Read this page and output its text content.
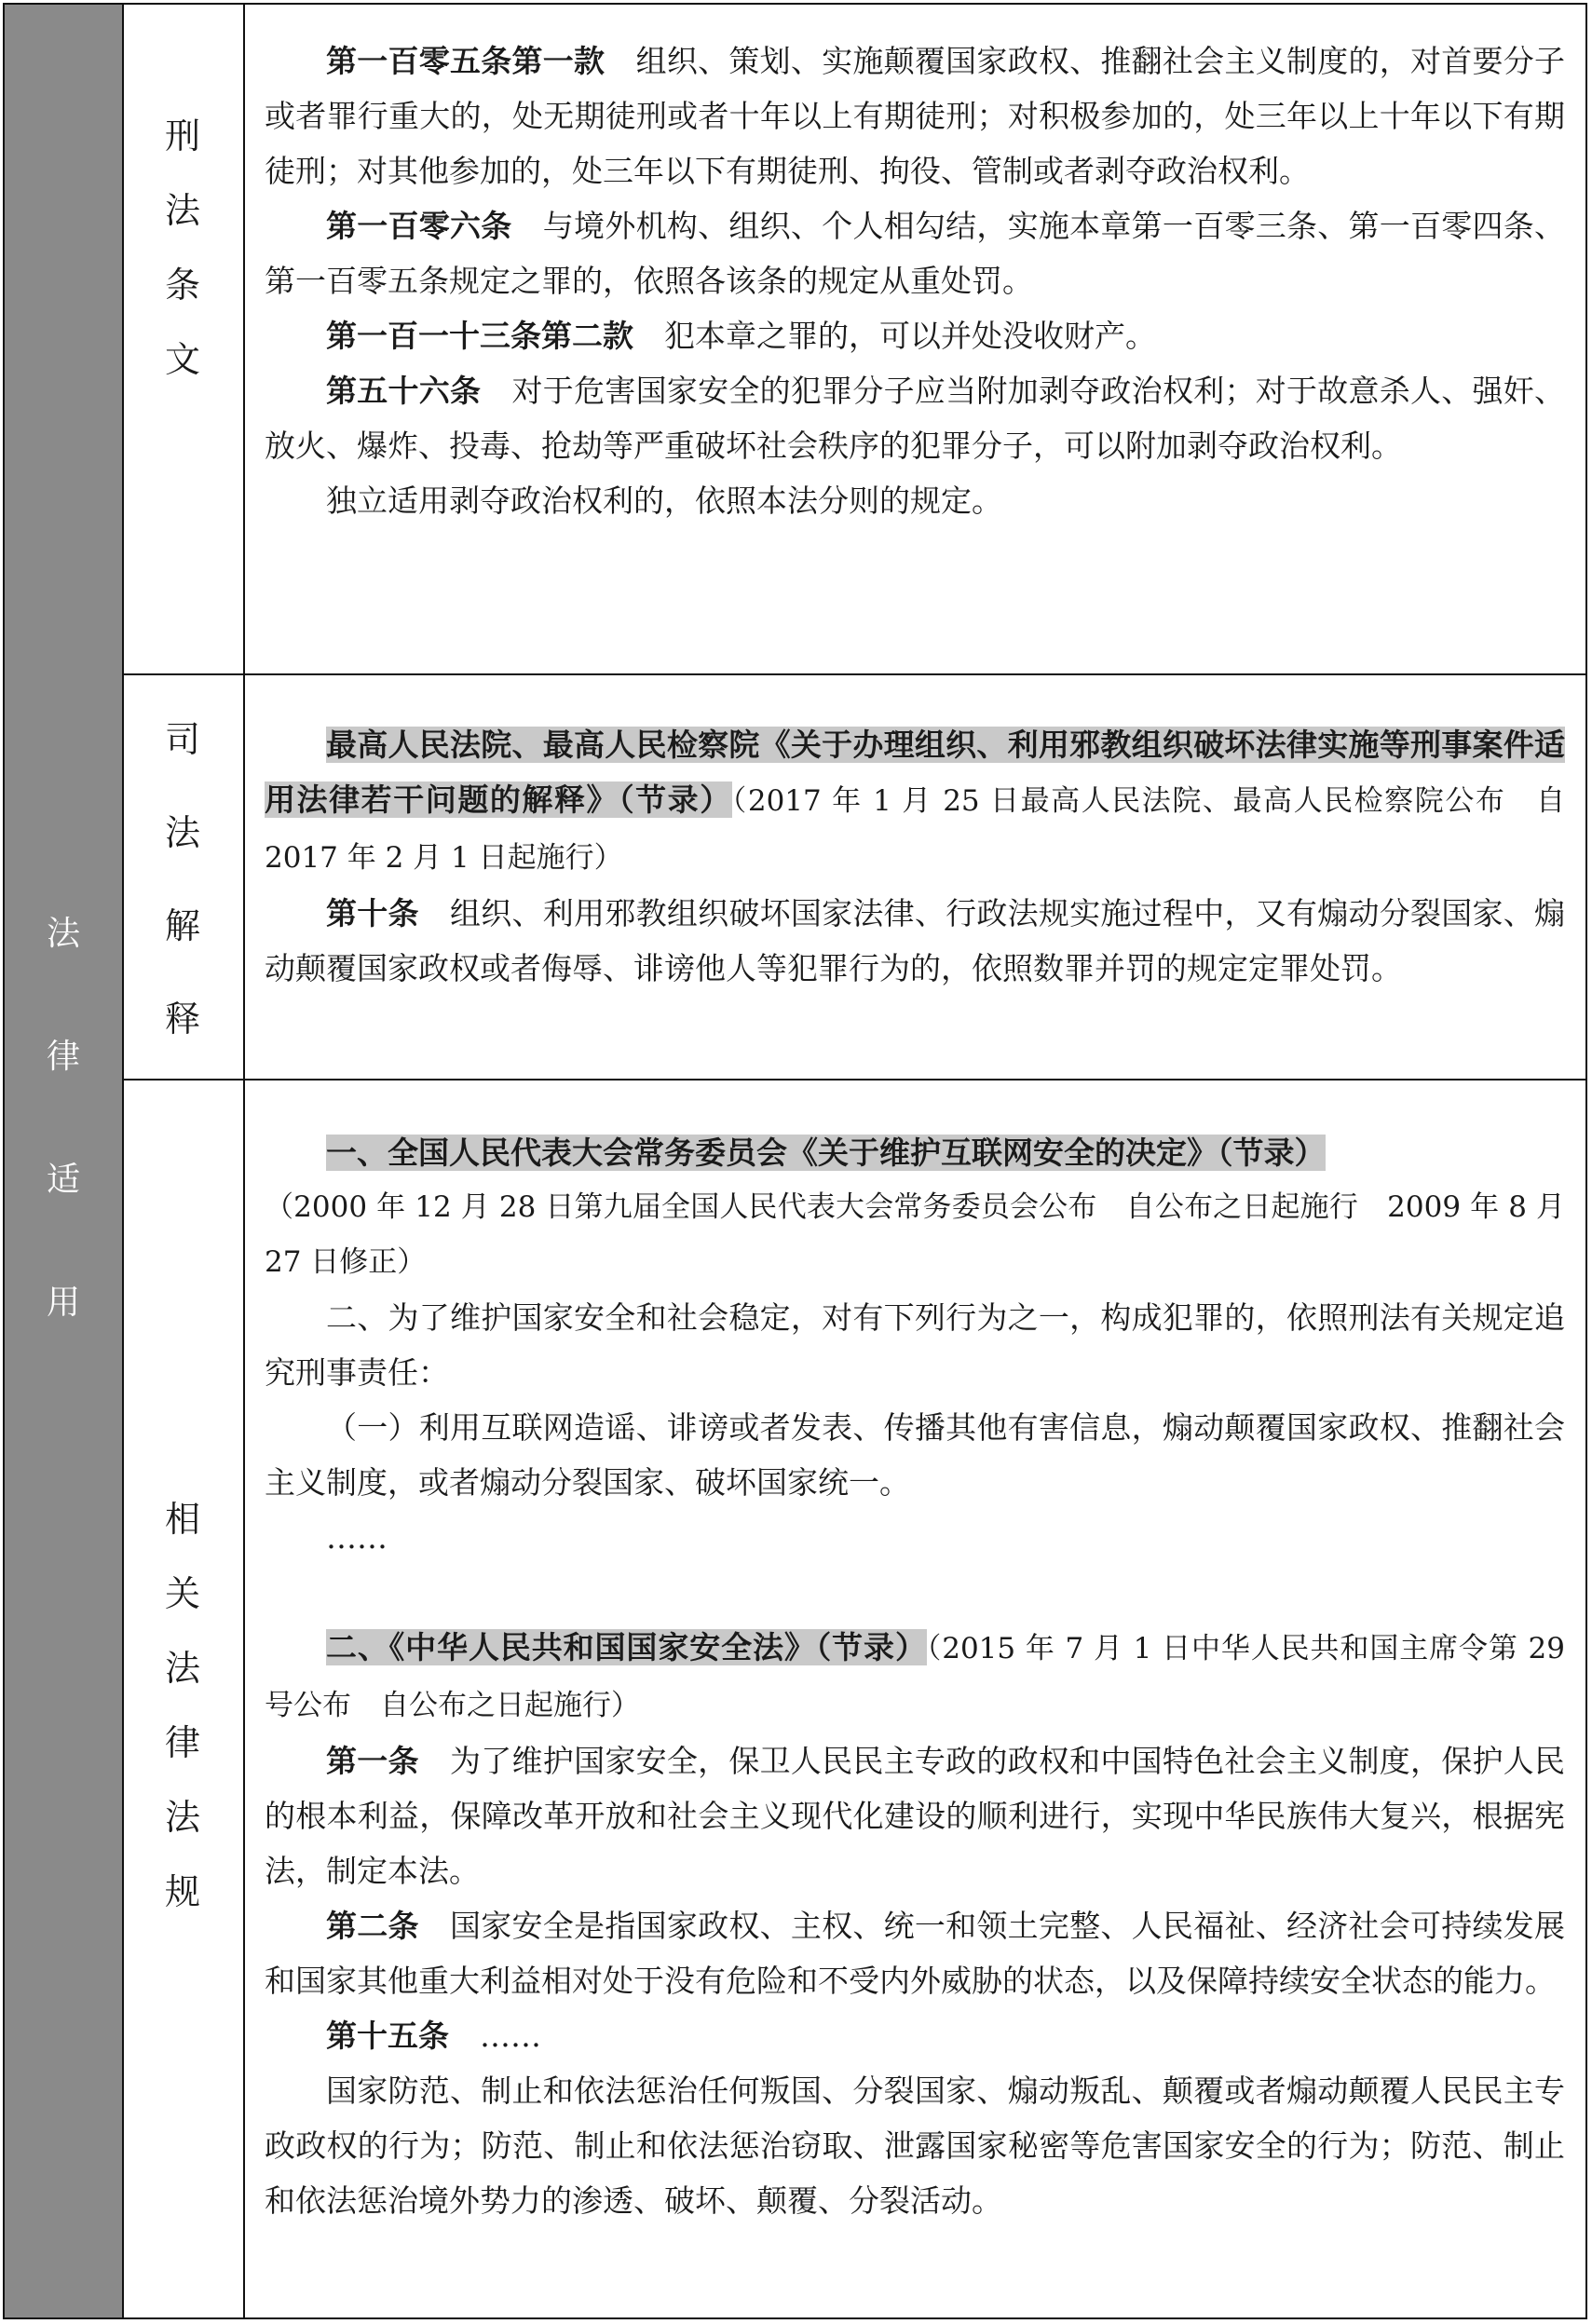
法
律
适
用
刑
法
条
文

第一百零五条第一款　组织、策划、实施颠覆国家政权、推翻社会主义制度的，对首要分子或者罪行重大的，处无期徒刑或者十年以上有期徒刑；对积极参加的，处三年以上十年以下有期徒刑；对其他参加的，处三年以下有期徒刑、拘役、管制或者剥夺政治权利。

第一百零六条　与境外机构、组织、个人相勾结，实施本章第一百零三条、第一百零四条、第一百零五条规定之罪的，依照各该条的规定从重处罚。

第一百一十三条第二款　犯本章之罪的，可以并处没收财产。

第五十六条　对于危害国家安全的犯罪分子应当附加剥夺政治权利；对于故意杀人、强奸、放火、爆炸、投毒、抢劫等严重破坏社会秩序的犯罪分子，可以附加剥夺政治权利。

独立适用剥夺政治权利的，依照本法分则的规定。

司
法
解
释

最高人民法院、最高人民检察院《关于办理组织、利用邪教组织破坏法律实施等刑事案件适用法律若干问题的解释》（节录）（2017 年 1 月 25 日最高人民法院、最高人民检察院公布　自 2017 年 2 月 1 日起施行）

第十条　组织、利用邪教组织破坏国家法律、行政法规实施过程中，又有煽动分裂国家、煽动颠覆国家政权或者侮辱、诽谤他人等犯罪行为的，依照数罪并罚的规定定罪处罚。

相
关
法
律
法
规

一、全国人民代表大会常务委员会《关于维护互联网安全的决定》（节录）

（2000 年 12 月 28 日第九届全国人民代表大会常务委员会公布　自公布之日起施行　2009 年 8 月 27 日修正）

二、为了维护国家安全和社会稳定，对有下列行为之一，构成犯罪的，依照刑法有关规定追究刑事责任：

（一）利用互联网造谣、诽谤或者发表、传播其他有害信息，煽动颠覆国家政权、推翻社会主义制度，或者煽动分裂国家、破坏国家统一。

……

二、《中华人民共和国国家安全法》（节录）（2015 年 7 月 1 日中华人民共和国主席令第 29 号公布　自公布之日起施行）

第一条　为了维护国家安全，保卫人民民主专政的政权和中国特色社会主义制度，保护人民的根本利益，保障改革开放和社会主义现代化建设的顺利进行，实现中华民族伟大复兴，根据宪法，制定本法。

第二条　国家安全是指国家政权、主权、统一和领土完整、人民福祉、经济社会可持续发展和国家其他重大利益相对处于没有危险和不受内外威胁的状态，以及保障持续安全状态的能力。

第十五条　……

国家防范、制止和依法惩治任何叛国、分裂国家、煽动叛乱、颠覆或者煽动颠覆人民民主专政政权的行为；防范、制止和依法惩治窃取、泄露国家秘密等危害国家安全的行为；防范、制止和依法惩治境外势力的渗透、破坏、颠覆、分裂活动。
